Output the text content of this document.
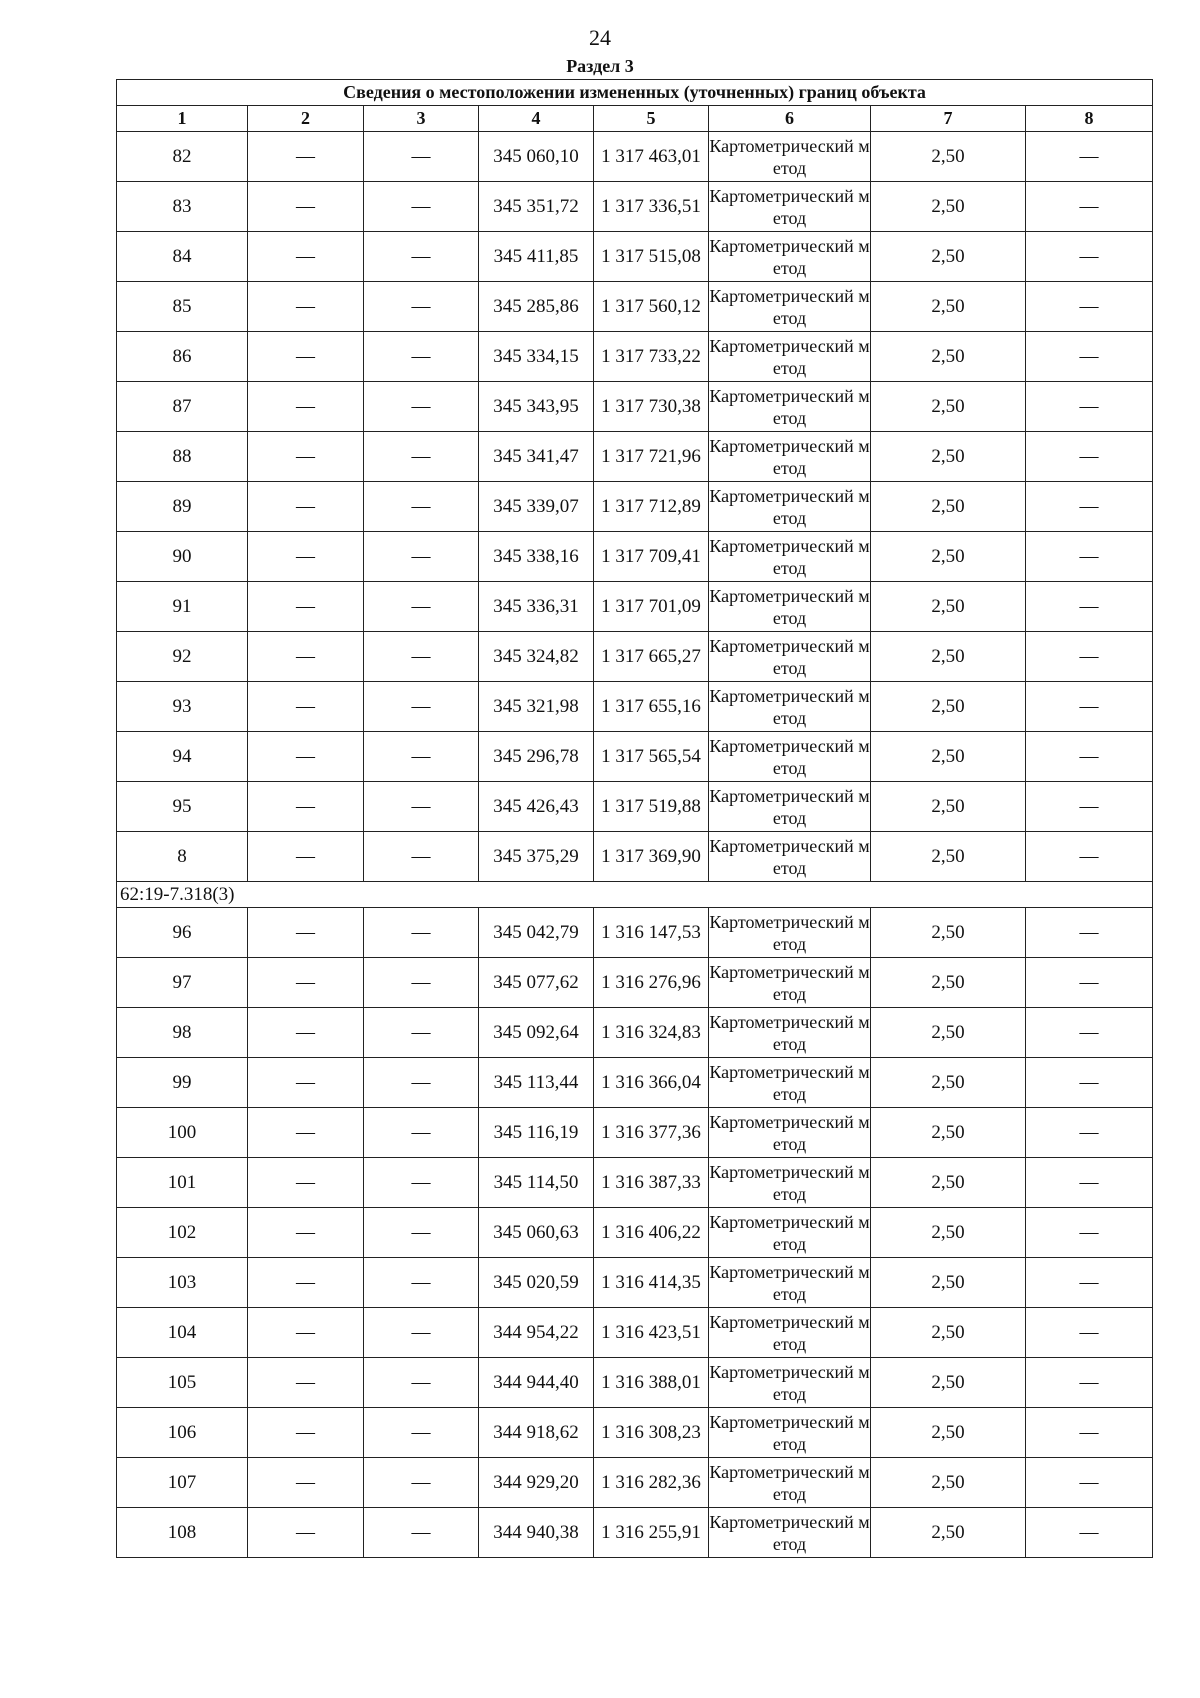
24
Раздел 3
Сведения о местоположении измененных (уточненных) границ объекта							
1	2	3	4	5	6	7	8
82	—	—	345 060,10	1 317 463,01	Картометрический метод	2,50	—
83	—	—	345 351,72	1 317 336,51	Картометрический метод	2,50	—
84	—	—	345 411,85	1 317 515,08	Картометрический метод	2,50	—
85	—	—	345 285,86	1 317 560,12	Картометрический метод	2,50	—
86	—	—	345 334,15	1 317 733,22	Картометрический метод	2,50	—
87	—	—	345 343,95	1 317 730,38	Картометрический метод	2,50	—
88	—	—	345 341,47	1 317 721,96	Картометрический метод	2,50	—
89	—	—	345 339,07	1 317 712,89	Картометрический метод	2,50	—
90	—	—	345 338,16	1 317 709,41	Картометрический метод	2,50	—
91	—	—	345 336,31	1 317 701,09	Картометрический метод	2,50	—
92	—	—	345 324,82	1 317 665,27	Картометрический метод	2,50	—
93	—	—	345 321,98	1 317 655,16	Картометрический метод	2,50	—
94	—	—	345 296,78	1 317 565,54	Картометрический метод	2,50	—
95	—	—	345 426,43	1 317 519,88	Картометрический метод	2,50	—
8	—	—	345 375,29	1 317 369,90	Картометрический метод	2,50	—
62:19-7.318(3)							
96	—	—	345 042,79	1 316 147,53	Картометрический метод	2,50	—
97	—	—	345 077,62	1 316 276,96	Картометрический метод	2,50	—
98	—	—	345 092,64	1 316 324,83	Картометрический метод	2,50	—
99	—	—	345 113,44	1 316 366,04	Картометрический метод	2,50	—
100	—	—	345 116,19	1 316 377,36	Картометрический метод	2,50	—
101	—	—	345 114,50	1 316 387,33	Картометрический метод	2,50	—
102	—	—	345 060,63	1 316 406,22	Картометрический метод	2,50	—
103	—	—	345 020,59	1 316 414,35	Картометрический метод	2,50	—
104	—	—	344 954,22	1 316 423,51	Картометрический метод	2,50	—
105	—	—	344 944,40	1 316 388,01	Картометрический метод	2,50	—
106	—	—	344 918,62	1 316 308,23	Картометрический метод	2,50	—
107	—	—	344 929,20	1 316 282,36	Картометрический метод	2,50	—
108	—	—	344 940,38	1 316 255,91	Картометрический метод	2,50	—
